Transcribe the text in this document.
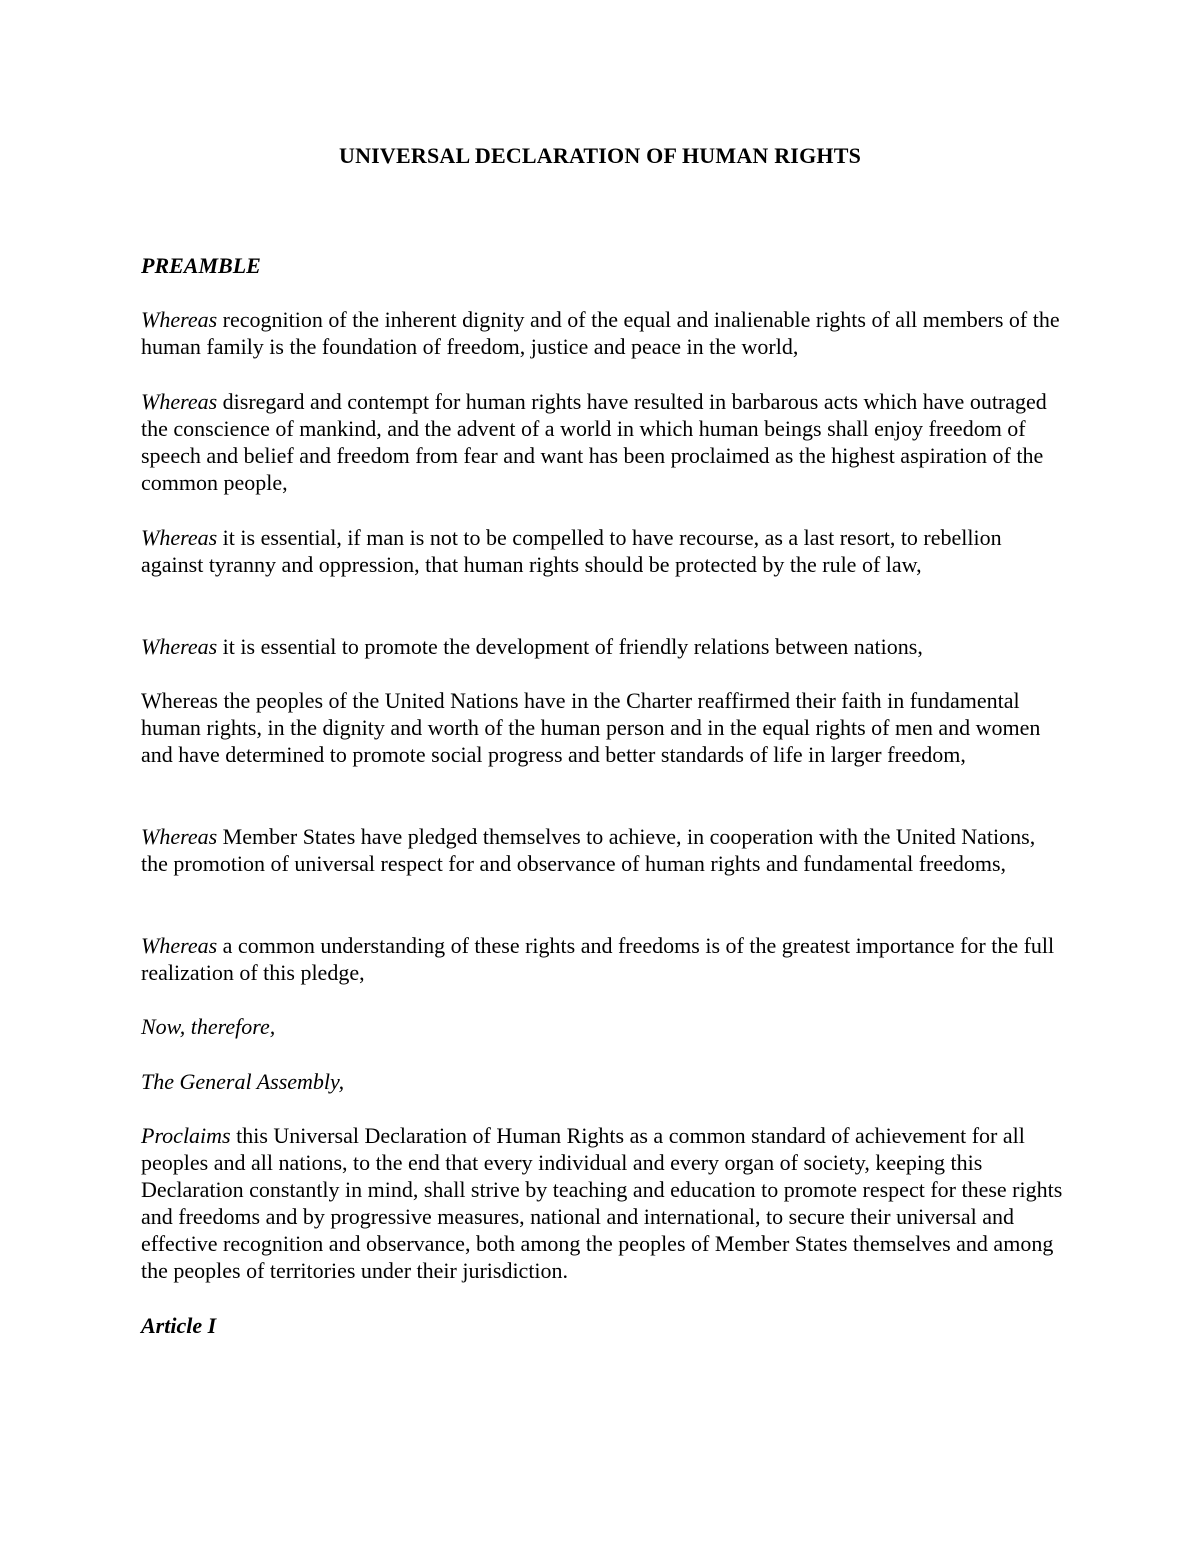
UNIVERSAL DECLARATION OF HUMAN RIGHTS
PREAMBLE

Whereas recognition of the inherent dignity and of the equal and inalienable rights of all members of the human family is the foundation of freedom, justice and peace in the world,

Whereas disregard and contempt for human rights have resulted in barbarous acts which have outraged the conscience of mankind, and the advent of a world in which human beings shall enjoy freedom of speech and belief and freedom from fear and want has been proclaimed as the highest aspiration of the common people,

Whereas it is essential, if man is not to be compelled to have recourse, as a last resort, to rebellion against tyranny and oppression, that human rights should be protected by the rule of law,

Whereas it is essential to promote the development of friendly relations between nations,

Whereas the peoples of the United Nations have in the Charter reaffirmed their faith in fundamental human rights, in the dignity and worth of the human person and in the equal rights of men and women and have determined to promote social progress and better standards of life in larger freedom,

Whereas Member States have pledged themselves to achieve, in cooperation with the United Nations, the promotion of universal respect for and observance of human rights and fundamental freedoms,

Whereas a common understanding of these rights and freedoms is of the greatest importance for the full realization of this pledge,

Now, therefore,
The General Assembly,

Proclaims this Universal Declaration of Human Rights as a common standard of achievement for all peoples and all nations, to the end that every individual and every organ of society, keeping this Declaration constantly in mind, shall strive by teaching and education to promote respect for these rights and freedoms and by progressive measures, national and international, to secure their universal and effective recognition and observance, both among the peoples of Member States themselves and among the peoples of territories under their jurisdiction.

Article I
